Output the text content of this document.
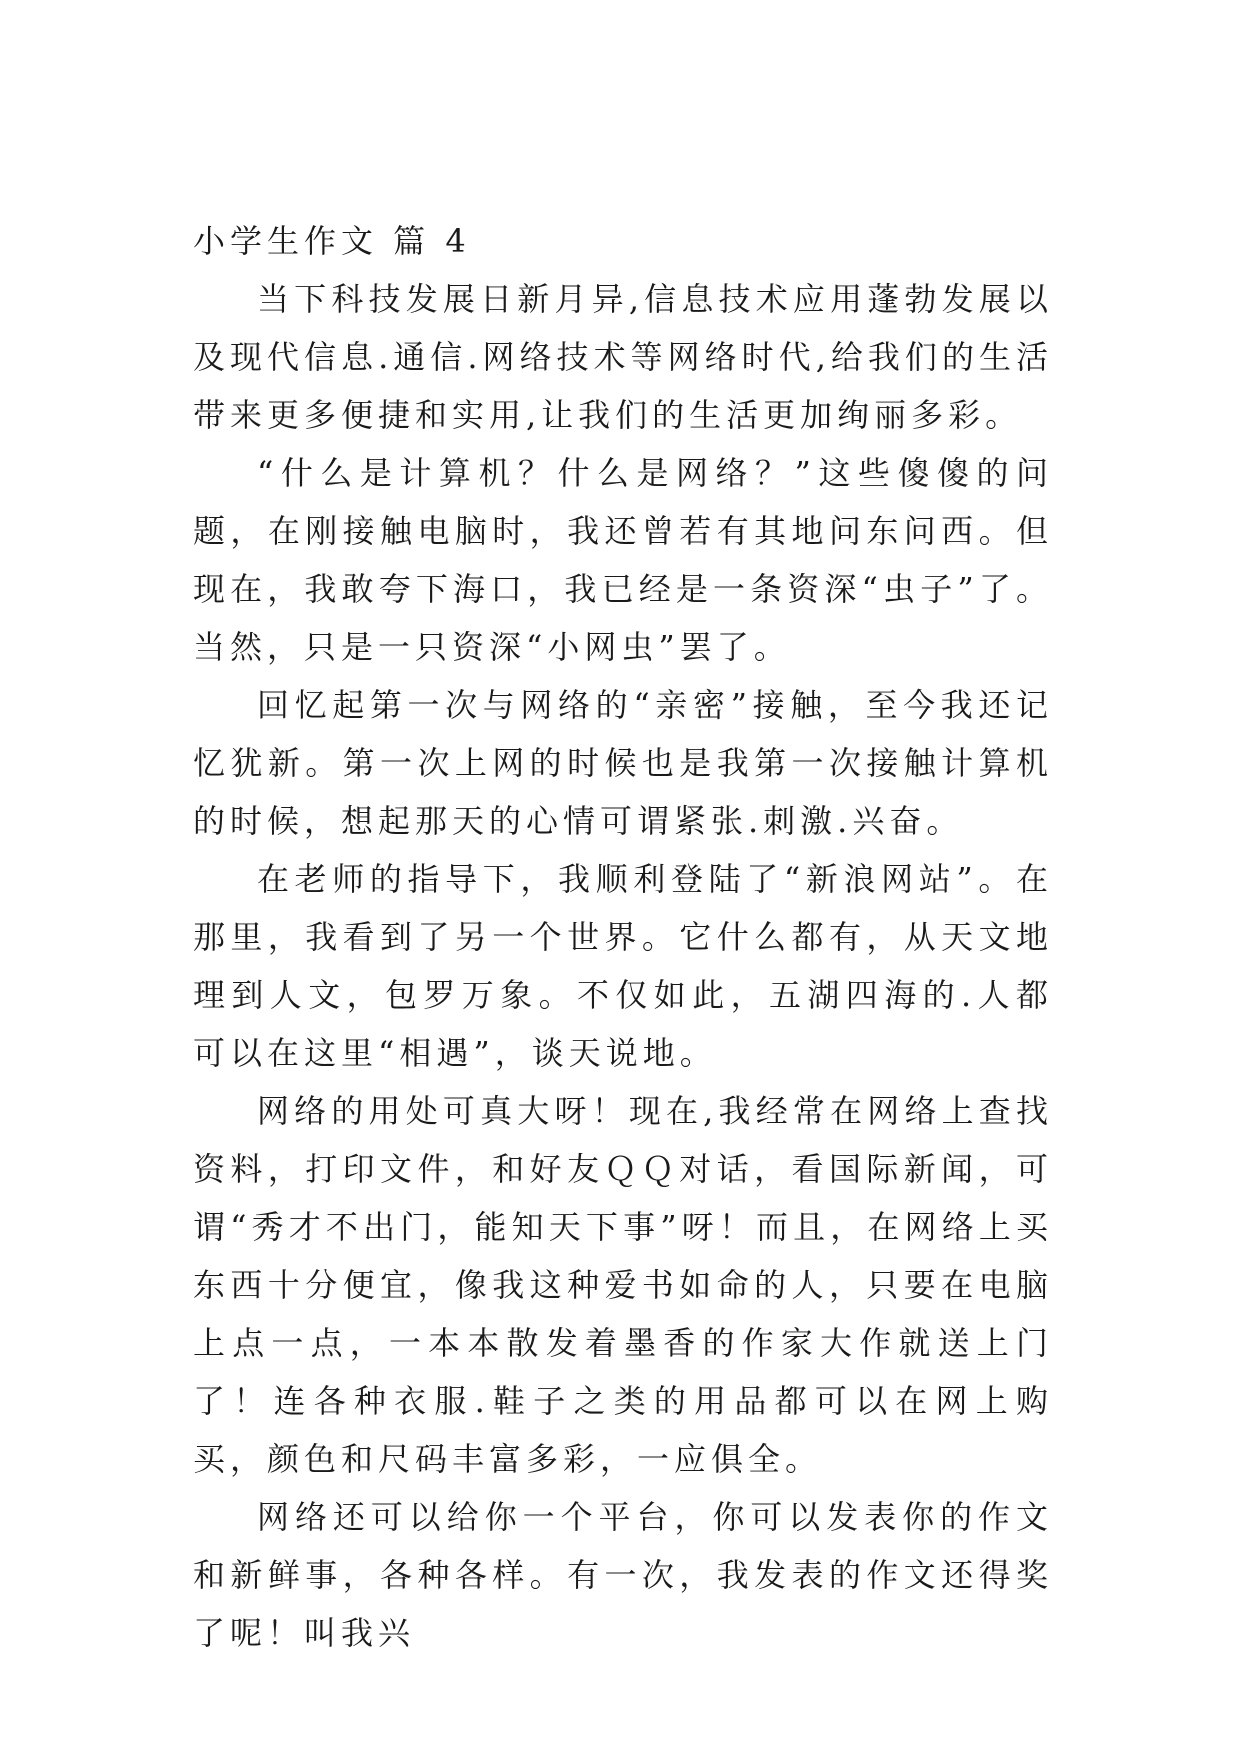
小学生作文 篇 4

当下科技发展日新月异,信息技术应用蓬勃发展以及现代信息.通信.网络技术等网络时代,给我们的生活带来更多便捷和实用,让我们的生活更加绚丽多彩。

“什么是计算机？什么是网络？”这些傻傻的问题，在刚接触电脑时，我还曾若有其地问东问西。但现在，我敢夸下海口，我已经是一条资深“虫子”了。当然，只是一只资深“小网虫”罢了。

回忆起第一次与网络的“亲密”接触，至今我还记忆犹新。第一次上网的时候也是我第一次接触计算机的时候，想起那天的心情可谓紧张.刺激.兴奋。

在老师的指导下，我顺利登陆了“新浪网站”。在那里，我看到了另一个世界。它什么都有，从天文地理到人文，包罗万象。不仅如此，五湖四海的.人都可以在这里“相遇”，谈天说地。

网络的用处可真大呀！现在,我经常在网络上查找资料，打印文件，和好友ＱＱ对话，看国际新闻，可谓“秀才不出门，能知天下事”呀！而且，在网络上买东西十分便宜，像我这种爱书如命的人，只要在电脑上点一点，一本本散发着墨香的作家大作就送上门了！连各种衣服.鞋子之类的用品都可以在网上购买，颜色和尺码丰富多彩，一应俱全。

网络还可以给你一个平台，你可以发表你的作文和新鲜事，各种各样。有一次，我发表的作文还得奖了呢！叫我兴
